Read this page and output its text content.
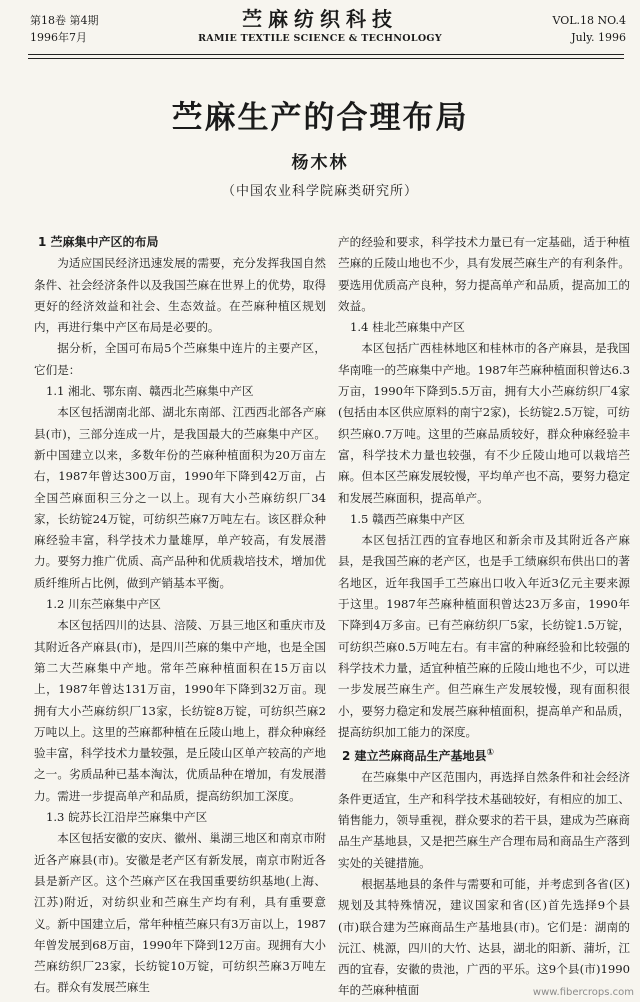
第18卷 第4期
1996年7月
苎麻纺织科技
RAMIE TEXTILE SCIENCE & TECHNOLOGY
VOL.18 NO.4
July. 1996
苎麻生产的合理布局
杨木林
（中国农业科学院麻类研究所）
1 苎麻集中产区的布局

为适应国民经济迅速发展的需要，充分发挥我国自然条件、社会经济条件以及我国苎麻在世界上的优势，取得更好的经济效益和社会、生态效益。在苎麻种植区规划内，再进行集中产区布局是必要的。

据分析，全国可布局5个苎麻集中连片的主要产区，它们是：

1.1 湘北、鄂东南、赣西北苎麻集中产区

本区包括湖南北部、湖北东南部、江西西北部各产麻县(市)，三部分连成一片，是我国最大的苎麻集中产区。新中国建立以来，多数年份的苎麻种植面积为20万亩左右，1987年曾达300万亩，1990年下降到42万亩，占全国苎麻面积三分之一以上。现有大小苎麻纺织厂34家，长纺锭24万锭，可纺织苎麻7万吨左右。该区群众种麻经验丰富，科学技术力量雄厚，单产较高，有发展潜力。要努力推广优质、高产品种和优质栽培技术，增加优质纤维所占比例，做到产销基本平衡。

1.2 川东苎麻集中产区

本区包括四川的达县、涪陵、万县三地区和重庆市及其附近各产麻县(市)，是四川苎麻的集中产地，也是全国第二大苎麻集中产地。常年苎麻种植面积在15万亩以上，1987年曾达131万亩，1990年下降到32万亩。现拥有大小苎麻纺织厂13家，长纺锭8万锭，可纺织苎麻2万吨以上。这里的苎麻都种植在丘陵山地上，群众种麻经验丰富，科学技术力量较强，是丘陵山区单产较高的产地之一。劣质品种已基本淘汰，优质品种在增加，有发展潜力。需进一步提高单产和品质，提高纺织加工深度。

1.3 皖苏长江沿岸苎麻集中产区

本区包括安徽的安庆、徽州、巢湖三地区和南京市附近各产麻县(市)。安徽是老产区有新发展，南京市附近各县是新产区。这个苎麻产区在我国重要纺织基地(上海、江苏)附近，对纺织业和苎麻生产均有利，具有重要意义。新中国建立后，常年种植苎麻只有3万亩以上，1987年曾发展到68万亩，1990年下降到12万亩。现拥有大小苎麻纺织厂23家，长纺锭10万锭，可纺织苎麻3万吨左右。群众有发展苎麻生

产的经验和要求，科学技术力量已有一定基础，适于种植苎麻的丘陵山地也不少，具有发展苎麻生产的有利条件。要选用优质高产良种，努力提高单产和品质，提高加工的效益。

1.4 桂北苎麻集中产区

本区包括广西桂林地区和桂林市的各产麻县，是我国华南唯一的苎麻集中产地。1987年苎麻种植面积曾达6.3万亩，1990年下降到5.5万亩，拥有大小苎麻纺织厂4家(包括由本区供应原料的南宁2家)，长纺锭2.5万锭，可纺织苎麻0.7万吨。这里的苎麻品质较好，群众种麻经验丰富，科学技术力量也较强，有不少丘陵山地可以栽培苎麻。但本区苎麻发展较慢，平均单产也不高，要努力稳定和发展苎麻面积，提高单产。

1.5 赣西苎麻集中产区

本区包括江西的宜春地区和新余市及其附近各产麻县，是我国苎麻的老产区，也是手工绩麻织布供出口的著名地区，近年我国手工苎麻出口收入年近3亿元主要来源于这里。1987年苎麻种植面积曾达23万多亩，1990年下降到4万多亩。已有苎麻纺织厂5家，长纺锭1.5万锭，可纺织苎麻0.5万吨左右。有丰富的种麻经验和比较强的科学技术力量，适宜种植苎麻的丘陵山地也不少，可以进一步发展苎麻生产。但苎麻生产发展较慢，现有面积很小，要努力稳定和发展苎麻种植面积，提高单产和品质，提高纺织加工能力的深度。

2 建立苎麻商品生产基地县①

在苎麻集中产区范围内，再选择自然条件和社会经济条件更适宜，生产和科学技术基础较好，有相应的加工、销售能力，领导重视，群众要求的若干县，建成为苎麻商品生产基地县，又是把苎麻生产合理布局和商品生产落到实处的关键措施。

根据基地县的条件与需要和可能，并考虑到各省(区)规划及其特殊情况，建议国家和省(区)首先选择9个县(市)联合建为苎麻商品生产基地县(市)。它们是：湖南的沅江、桃源，四川的大竹、达县，湖北的阳新、蒲圻，江西的宜春，安徽的贵池，广西的平乐。这9个县(市)1990年的苎麻种植面	www.fibercrops.com
